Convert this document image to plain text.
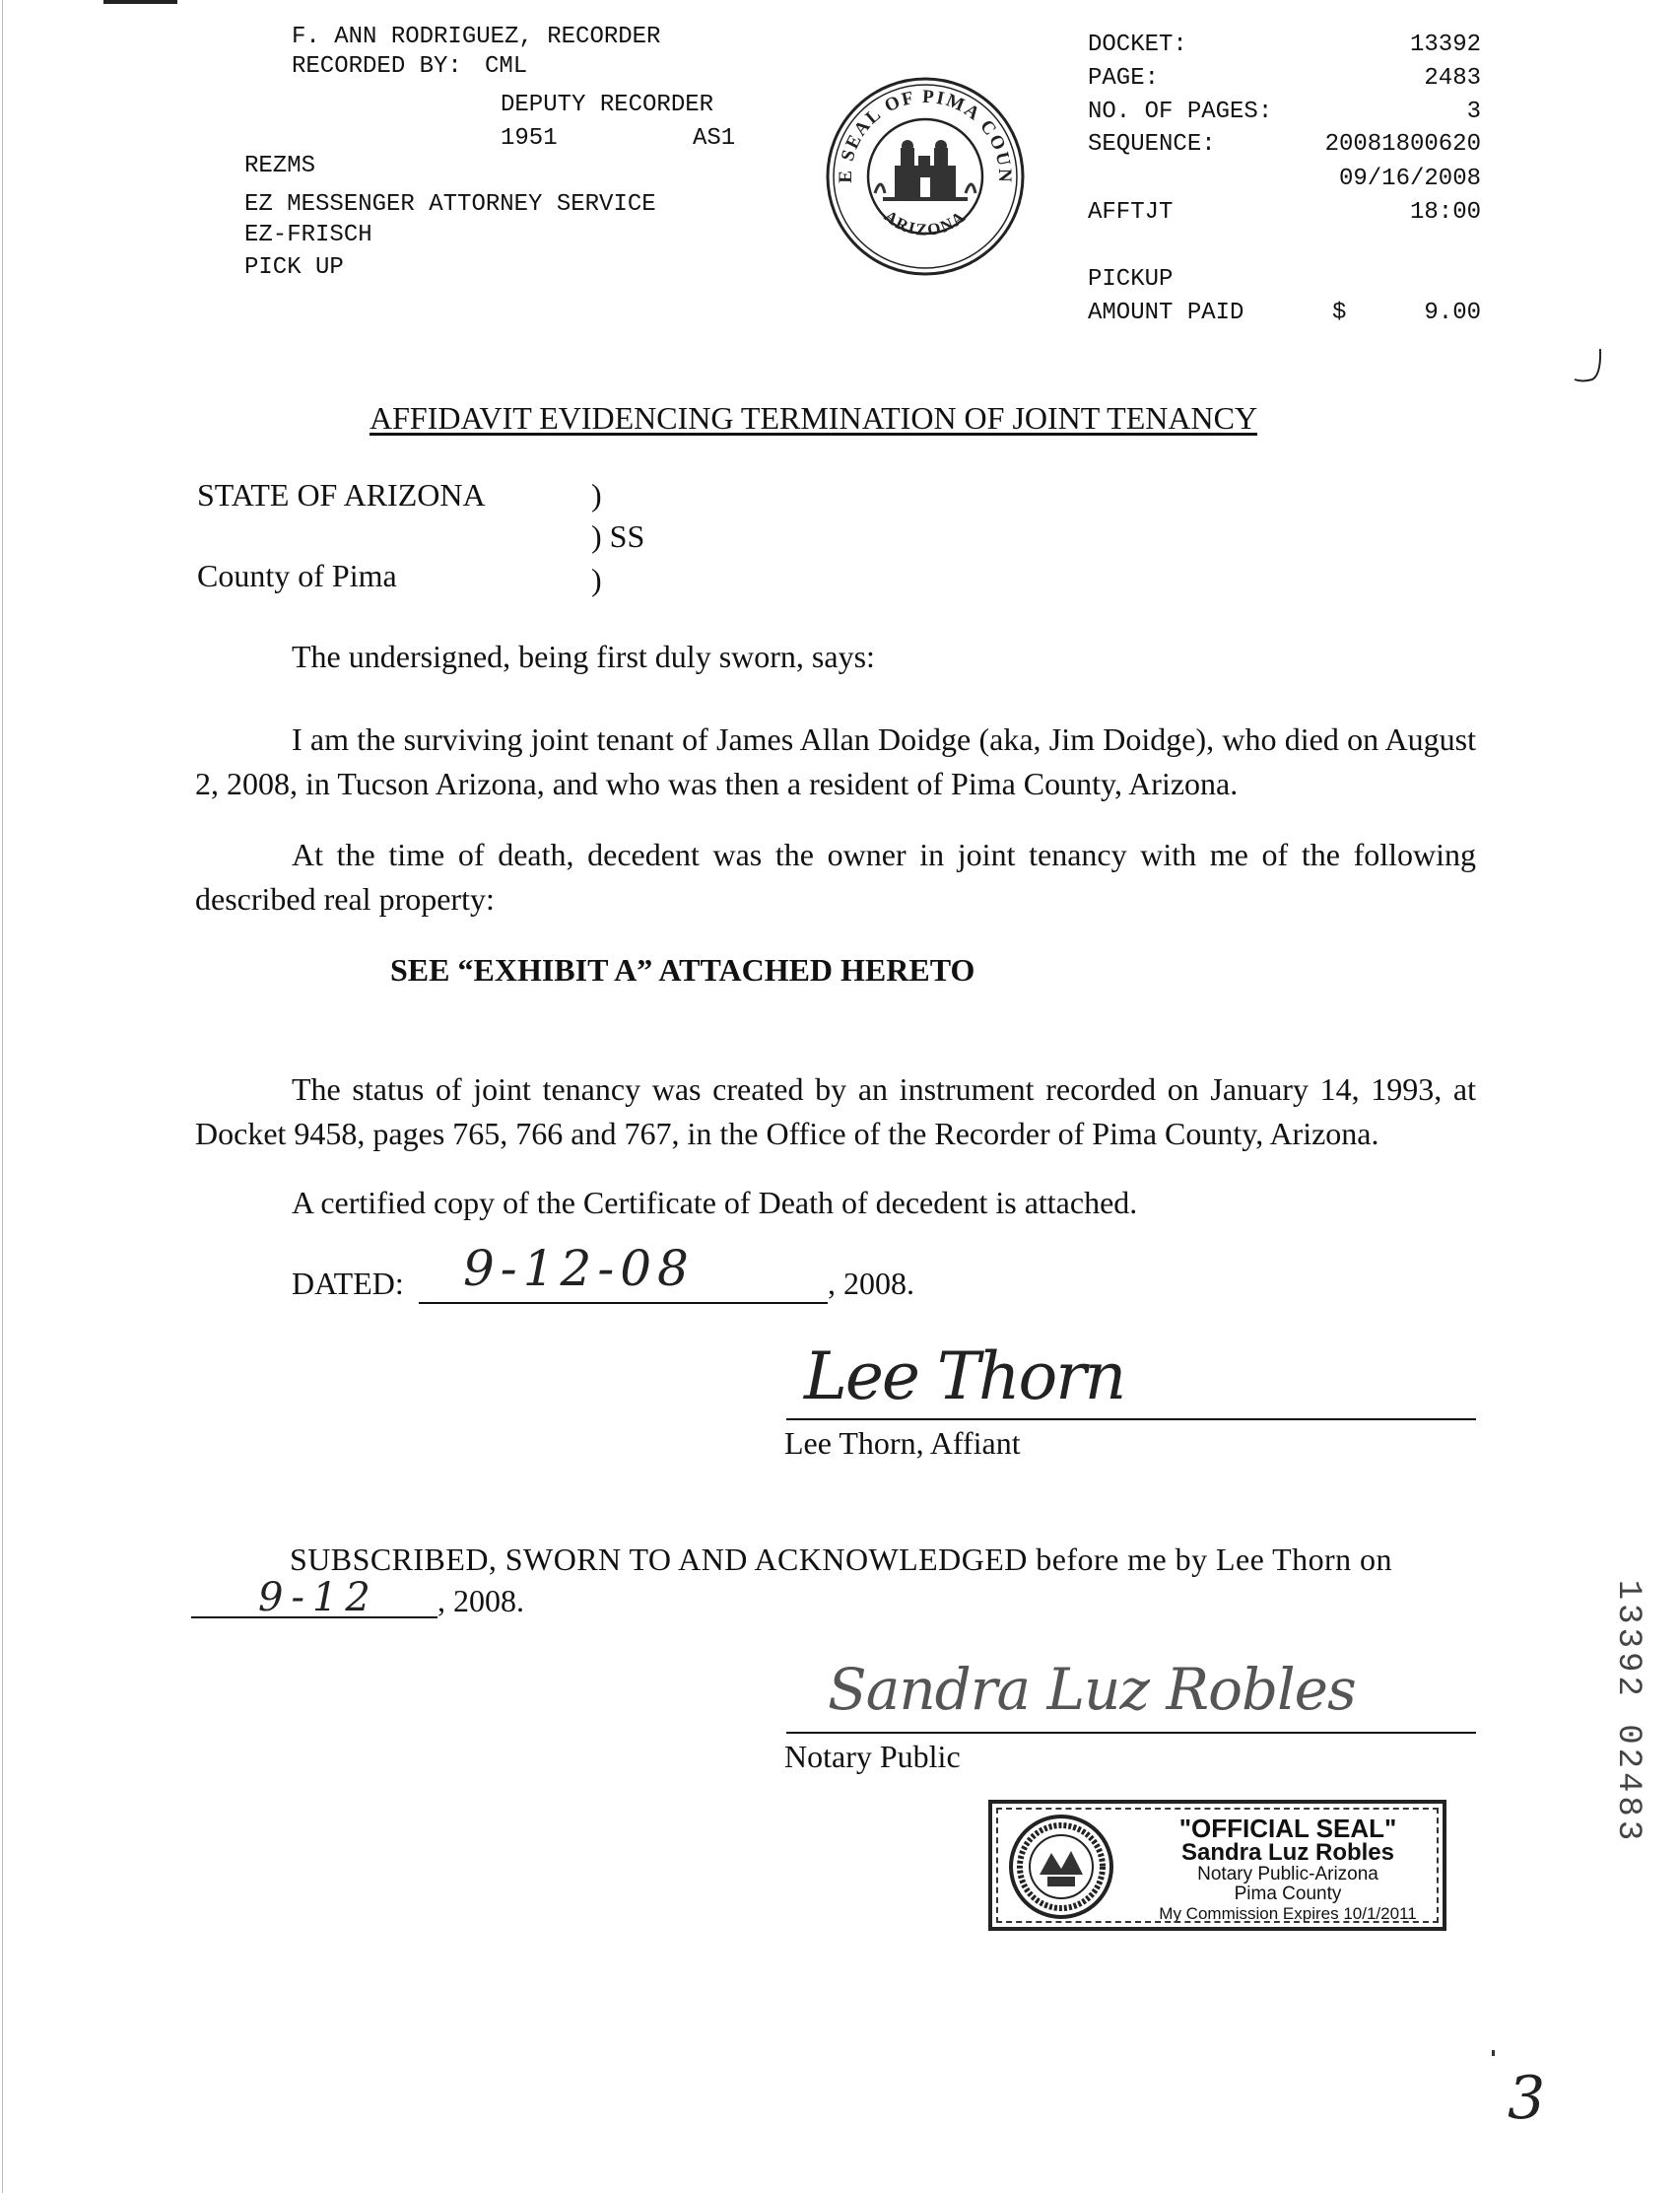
F. ANN RODRIGUEZ, RECORDER
RECORDED BY: CML
DEPUTY RECORDER
1951	AS1
REZMS
EZ MESSENGER ATTORNEY SERVICE
EZ-FRISCH
PICK UP
E SEAL OF PIMA COUN
ARIZONA
DOCKET:	13392
PAGE:	2483
NO. OF PAGES:	3
SEQUENCE:	20081800620
09/16/2008
AFFTJT	18:00
PICKUP
AMOUNT PAID	$	9.00
AFFIDAVIT EVIDENCING TERMINATION OF JOINT TENANCY
STATE OF ARIZONA	)
) SS
County of Pima	)
The undersigned, being first duly sworn, says:
I am the surviving joint tenant of James Allan Doidge (aka, Jim Doidge), who died on August
2, 2008, in Tucson Arizona, and who was then a resident of Pima County, Arizona.
At the time of death, decedent was the owner in joint tenancy with me of the following
described real property:
SEE “EXHIBIT A” ATTACHED HERETO
The status of joint tenancy was created by an instrument recorded on January 14, 1993, at
Docket 9458, pages 765, 766 and 767, in the Office of the Recorder of Pima County, Arizona.
A certified copy of the Certificate of Death of decedent is attached.
DATED: 9-12-08	, 2008.
Lee Thorn
Lee Thorn, Affiant
SUBSCRIBED, SWORN TO AND ACKNOWLEDGED before me by Lee Thorn on
9-12 , 2008.
Sandra Luz Robles
Notary Public
"OFFICIAL SEAL"
Sandra Luz Robles
Notary Public-Arizona
Pima County
My Commission Expires 10/1/2011
13392 02483
3
